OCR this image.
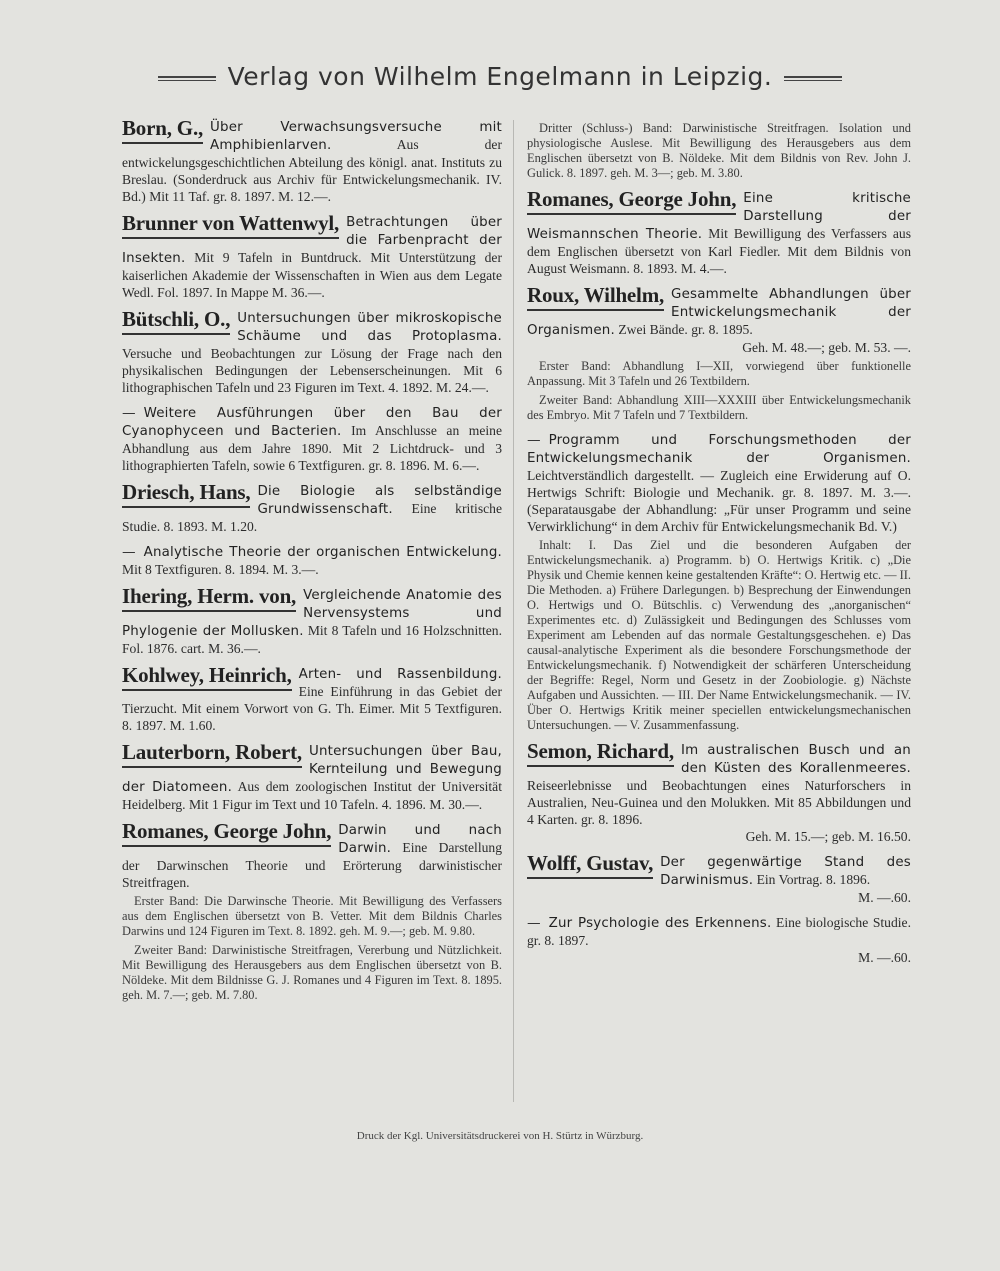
Verlag von Wilhelm Engelmann in Leipzig.
Born, G., Über Verwachsungsversuche mit Amphibienlarven.	Aus der entwickelungsgeschichtlichen Abteilung des königl. anat. Instituts zu Breslau. (Sonderdruck aus Archiv für Entwickelungsmechanik. IV. Bd.) Mit 11 Taf. gr. 8. 1897. M. 12.—.
Brunner von Wattenwyl, Betrachtungen über die Farbenpracht der Insekten. Mit 9 Tafeln in Buntdruck. Mit Unterstützung der kaiserlichen Akademie der Wissenschaften in Wien aus dem Legate Wedl. Fol. 1897. In Mappe M. 36.—.
Bütschli, O., Untersuchungen über mikroskopische Schäume und das Protoplasma. Versuche und Beobachtungen zur Lösung der Frage nach den physikalischen Bedingungen der Lebenserscheinungen. Mit 6 lithographischen Tafeln und 23 Figuren im Text. 4. 1892. M. 24.—.
— Weitere Ausführungen über den Bau der Cyanophyceen und Bacterien. Im Anschlusse an meine Abhandlung aus dem Jahre 1890. Mit 2 Lichtdruck- und 3 lithographierten Tafeln, sowie 6 Textfiguren. gr. 8. 1896. M. 6.—.
Driesch, Hans, Die Biologie als selbständige Grundwissenschaft. Eine kritische Studie. 8. 1893. M. 1.20.
— Analytische Theorie der organischen Entwickelung. Mit 8 Textfiguren. 8. 1894. M. 3.—.
Ihering, Herm. von, Vergleichende Anatomie des Nervensystems und Phylogenie der Mollusken. Mit 8 Tafeln und 16 Holzschnitten. Fol. 1876. cart. M. 36.—.
Kohlwey, Heinrich, Arten- und Rassenbildung. Eine Einführung in das Gebiet der Tierzucht. Mit einem Vorwort von G. Th. Eimer. Mit 5 Textfiguren. 8. 1897. M. 1.60.
Lauterborn, Robert, Untersuchungen über Bau, Kernteilung und Bewegung der Diatomeen. Aus dem zoologischen Institut der Universität Heidelberg. Mit 1 Figur im Text und 10 Tafeln. 4. 1896. M. 30.—.
Romanes, George John, Darwin und nach Darwin. Eine Darstellung der Darwinschen Theorie und Erörterung darwinistischer Streitfragen.
Erster Band: Die Darwinsche Theorie. Mit Bewilligung des Verfassers aus dem Englischen übersetzt von B. Vetter. Mit dem Bildnis Charles Darwins und 124 Figuren im Text. 8. 1892. geh. M. 9.—; geb. M. 9.80.
Zweiter Band: Darwinistische Streitfragen, Vererbung und Nützlichkeit. Mit Bewilligung des Herausgebers aus dem Englischen übersetzt von B. Nöldeke. Mit dem Bildnisse G. J. Romanes und 4 Figuren im Text. 8. 1895. geh. M. 7.—; geb. M. 7.80.
Dritter (Schluss-) Band: Darwinistische Streitfragen. Isolation und physiologische Auslese. Mit Bewilligung des Herausgebers aus dem Englischen übersetzt von B. Nöldeke. Mit dem Bildnis von Rev. John J. Gulick. 8. 1897. geh. M. 3—; geb. M. 3.80.
Romanes, George John, Eine kritische Darstellung der Weismannschen Theorie. Mit Bewilligung des Verfassers aus dem Englischen übersetzt von Karl Fiedler. Mit dem Bildnis von August Weismann. 8. 1893. M. 4.—.
Roux, Wilhelm, Gesammelte Abhandlungen über Entwickelungsmechanik der Organismen. Zwei Bände. gr. 8. 1895.
Geh. M. 48.—; geb. M. 53. —.
Erster Band: Abhandlung I—XII, vorwiegend über funktionelle Anpassung. Mit 3 Tafeln und 26 Textbildern.
Zweiter Band: Abhandlung XIII—XXXIII über Entwickelungsmechanik des Embryo. Mit 7 Tafeln und 7 Textbildern.
— Programm und Forschungsmethoden der Entwickelungsmechanik der Organismen. Leichtverständlich dargestellt. — Zugleich eine Erwiderung auf O. Hertwigs Schrift: Biologie und Mechanik. gr. 8. 1897. M. 3.—. (Separatausgabe der Abhandlung: „Für unser Programm und seine Verwirklichung“ in dem Archiv für Entwickelungsmechanik Bd. V.)
Inhalt: I. Das Ziel und die besonderen Aufgaben der Entwickelungsmechanik. a) Programm. b) O. Hertwigs Kritik. c) „Die Physik und Chemie kennen keine gestaltenden Kräfte“: O. Hertwig etc. — II. Die Methoden. a) Frühere Darlegungen. b) Besprechung der Einwendungen O. Hertwigs und O. Bütschlis. c) Verwendung des „anorganischen“ Experimentes etc. d) Zulässigkeit und Bedingungen des Schlusses vom Experiment am Lebenden auf das normale Gestaltungsgeschehen. e) Das causal-analytische Experiment als die besondere Forschungsmethode der Entwickelungsmechanik. f) Notwendigkeit der schärferen Unterscheidung der Begriffe: Regel, Norm und Gesetz in der Zoobiologie. g) Nächste Aufgaben und Aussichten. — III. Der Name Entwickelungsmechanik. — IV. Über O. Hertwigs Kritik meiner speciellen entwickelungsmechanischen Untersuchungen. — V. Zusammenfassung.
Semon, Richard, Im australischen Busch und an den Küsten des Korallenmeeres. Reiseerlebnisse und Beobachtungen eines Naturforschers in Australien, Neu-Guinea und den Molukken. Mit 85 Abbildungen und 4 Karten. gr. 8. 1896.
Geh. M. 15.—; geb. M. 16.50.
Wolff, Gustav, Der gegenwärtige Stand des Darwinismus. Ein Vortrag. 8. 1896.
M. —.60.
— Zur Psychologie des Erkennens. Eine biologische Studie. gr. 8. 1897.
M. —.60.
Druck der Kgl. Universitätsdruckerei von H. Stürtz in Würzburg.
